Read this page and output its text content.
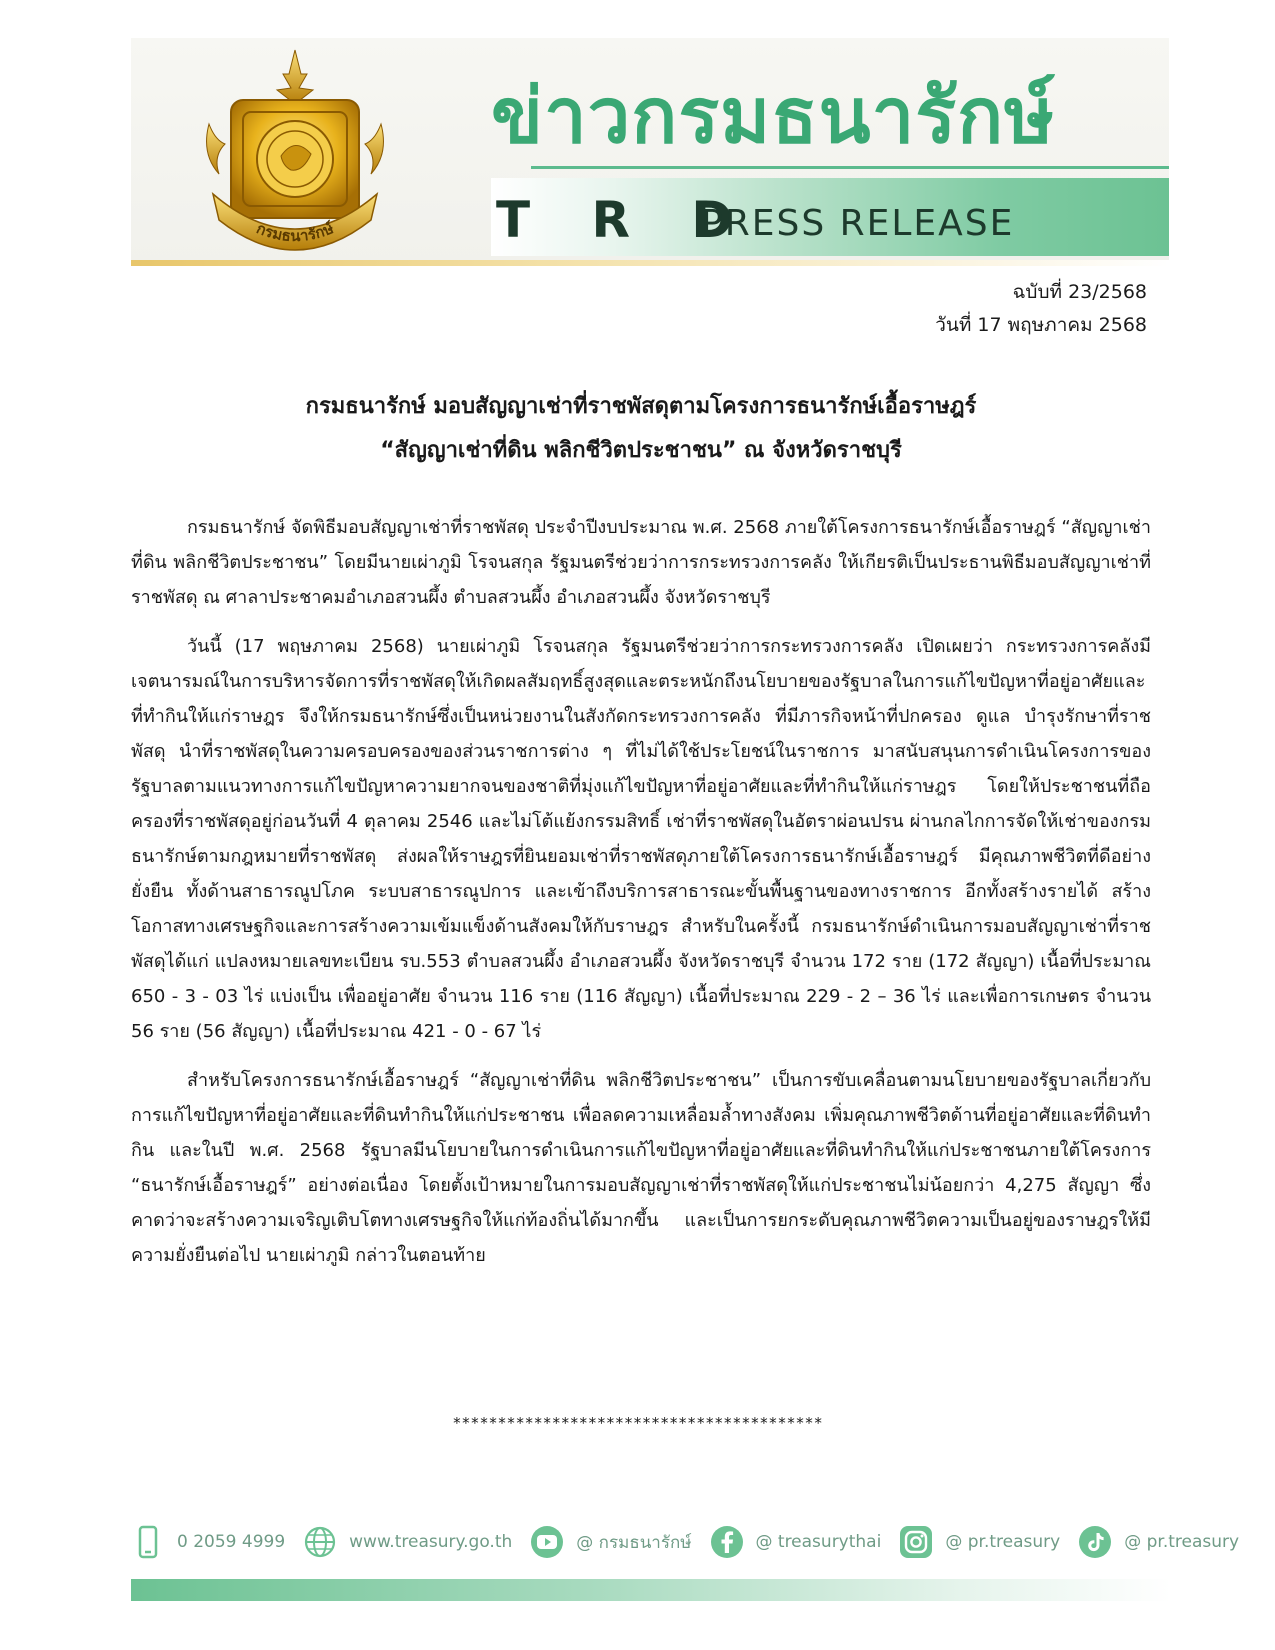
กรมธนารักษ์
ข่าวกรมธนารักษ์
T R D
PRESS RELEASE
ฉบับที่ 23/2568
วันที่ 17 พฤษภาคม 2568
กรมธนารักษ์ มอบสัญญาเช่าที่ราชพัสดุตามโครงการธนารักษ์เอื้อราษฎร์
“สัญญาเช่าที่ดิน พลิกชีวิตประชาชน” ณ จังหวัดราชบุรี

กรมธนารักษ์ จัดพิธีมอบสัญญาเช่าที่ราชพัสดุ ประจำปีงบประมาณ พ.ศ. 2568 ภายใต้โครงการธนารักษ์เอื้อราษฎร์ “สัญญาเช่าที่ดิน พลิกชีวิตประชาชน” โดยมีนายเผ่าภูมิ โรจนสกุล รัฐมนตรีช่วยว่าการกระทรวงการคลัง ให้เกียรติเป็นประธานพิธีมอบสัญญาเช่าที่ราชพัสดุ ณ ศาลาประชาคมอำเภอสวนผึ้ง ตำบลสวนผึ้ง อำเภอสวนผึ้ง จังหวัดราชบุรี

วันนี้ (17 พฤษภาคม 2568) นายเผ่าภูมิ โรจนสกุล รัฐมนตรีช่วยว่าการกระทรวงการคลัง เปิดเผยว่า กระทรวงการคลังมีเจตนารมณ์ในการบริหารจัดการที่ราชพัสดุให้เกิดผลสัมฤทธิ์สูงสุดและตระหนักถึงนโยบายของรัฐบาลในการแก้ไขปัญหาที่อยู่อาศัยและที่ทำกินให้แก่ราษฎร จึงให้กรมธนารักษ์ซึ่งเป็นหน่วยงานในสังกัดกระทรวงการคลัง ที่มีภารกิจหน้าที่ปกครอง ดูแล บำรุงรักษาที่ราชพัสดุ นำที่ราชพัสดุในความครอบครองของส่วนราชการต่าง ๆ ที่ไม่ได้ใช้ประโยชน์ในราชการ มาสนับสนุนการดำเนินโครงการของรัฐบาลตามแนวทางการแก้ไขปัญหาความยากจนของชาติที่มุ่งแก้ไขปัญหาที่อยู่อาศัยและที่ทำกินให้แก่ราษฎร โดยให้ประชาชนที่ถือครองที่ราชพัสดุอยู่ก่อนวันที่ 4 ตุลาคม 2546 และไม่โต้แย้งกรรมสิทธิ์ เช่าที่ราชพัสดุในอัตราผ่อนปรน ผ่านกลไกการจัดให้เช่าของกรมธนารักษ์ตามกฎหมายที่ราชพัสดุ ส่งผลให้ราษฎรที่ยินยอมเช่าที่ราชพัสดุภายใต้โครงการธนารักษ์เอื้อราษฎร์ มีคุณภาพชีวิตที่ดีอย่างยั่งยืน ทั้งด้านสาธารณูปโภค ระบบสาธารณูปการ และเข้าถึงบริการสาธารณะขั้นพื้นฐานของทางราชการ อีกทั้งสร้างรายได้ สร้างโอกาสทางเศรษฐกิจและการสร้างความเข้มแข็งด้านสังคมให้กับราษฎร สำหรับในครั้งนี้ กรมธนารักษ์ดำเนินการมอบสัญญาเช่าที่ราชพัสดุได้แก่ แปลงหมายเลขทะเบียน รบ.553 ตำบลสวนผึ้ง อำเภอสวนผึ้ง จังหวัดราชบุรี จำนวน 172 ราย (172 สัญญา) เนื้อที่ประมาณ 650 - 3 - 03 ไร่ แบ่งเป็น เพื่ออยู่อาศัย จำนวน 116 ราย (116 สัญญา) เนื้อที่ประมาณ 229 - 2 – 36 ไร่ และเพื่อการเกษตร จำนวน 56 ราย (56 สัญญา) เนื้อที่ประมาณ 421 - 0 - 67 ไร่

สำหรับโครงการธนารักษ์เอื้อราษฎร์ “สัญญาเช่าที่ดิน พลิกชีวิตประชาชน” เป็นการขับเคลื่อนตามนโยบายของรัฐบาลเกี่ยวกับการแก้ไขปัญหาที่อยู่อาศัยและที่ดินทำกินให้แก่ประชาชน เพื่อลดความเหลื่อมล้ำทางสังคม เพิ่มคุณภาพชีวิตด้านที่อยู่อาศัยและที่ดินทำกิน และในปี พ.ศ. 2568 รัฐบาลมีนโยบายในการดำเนินการแก้ไขปัญหาที่อยู่อาศัยและที่ดินทำกินให้แก่ประชาชนภายใต้โครงการ “ธนารักษ์เอื้อราษฎร์” อย่างต่อเนื่อง โดยตั้งเป้าหมายในการมอบสัญญาเช่าที่ราชพัสดุให้แก่ประชาชนไม่น้อยกว่า 4,275 สัญญา ซึ่งคาดว่าจะสร้างความเจริญเติบโตทางเศรษฐกิจให้แก่ท้องถิ่นได้มากขึ้น และเป็นการยกระดับคุณภาพชีวิตความเป็นอยู่ของราษฎรให้มีความยั่งยืนต่อไป นายเผ่าภูมิ กล่าวในตอนท้าย

*****************************************
0 2059 4999	www.treasury.go.th	@ กรมธนารักษ์	@ treasurythai	@ pr.treasury	@ pr.treasury
